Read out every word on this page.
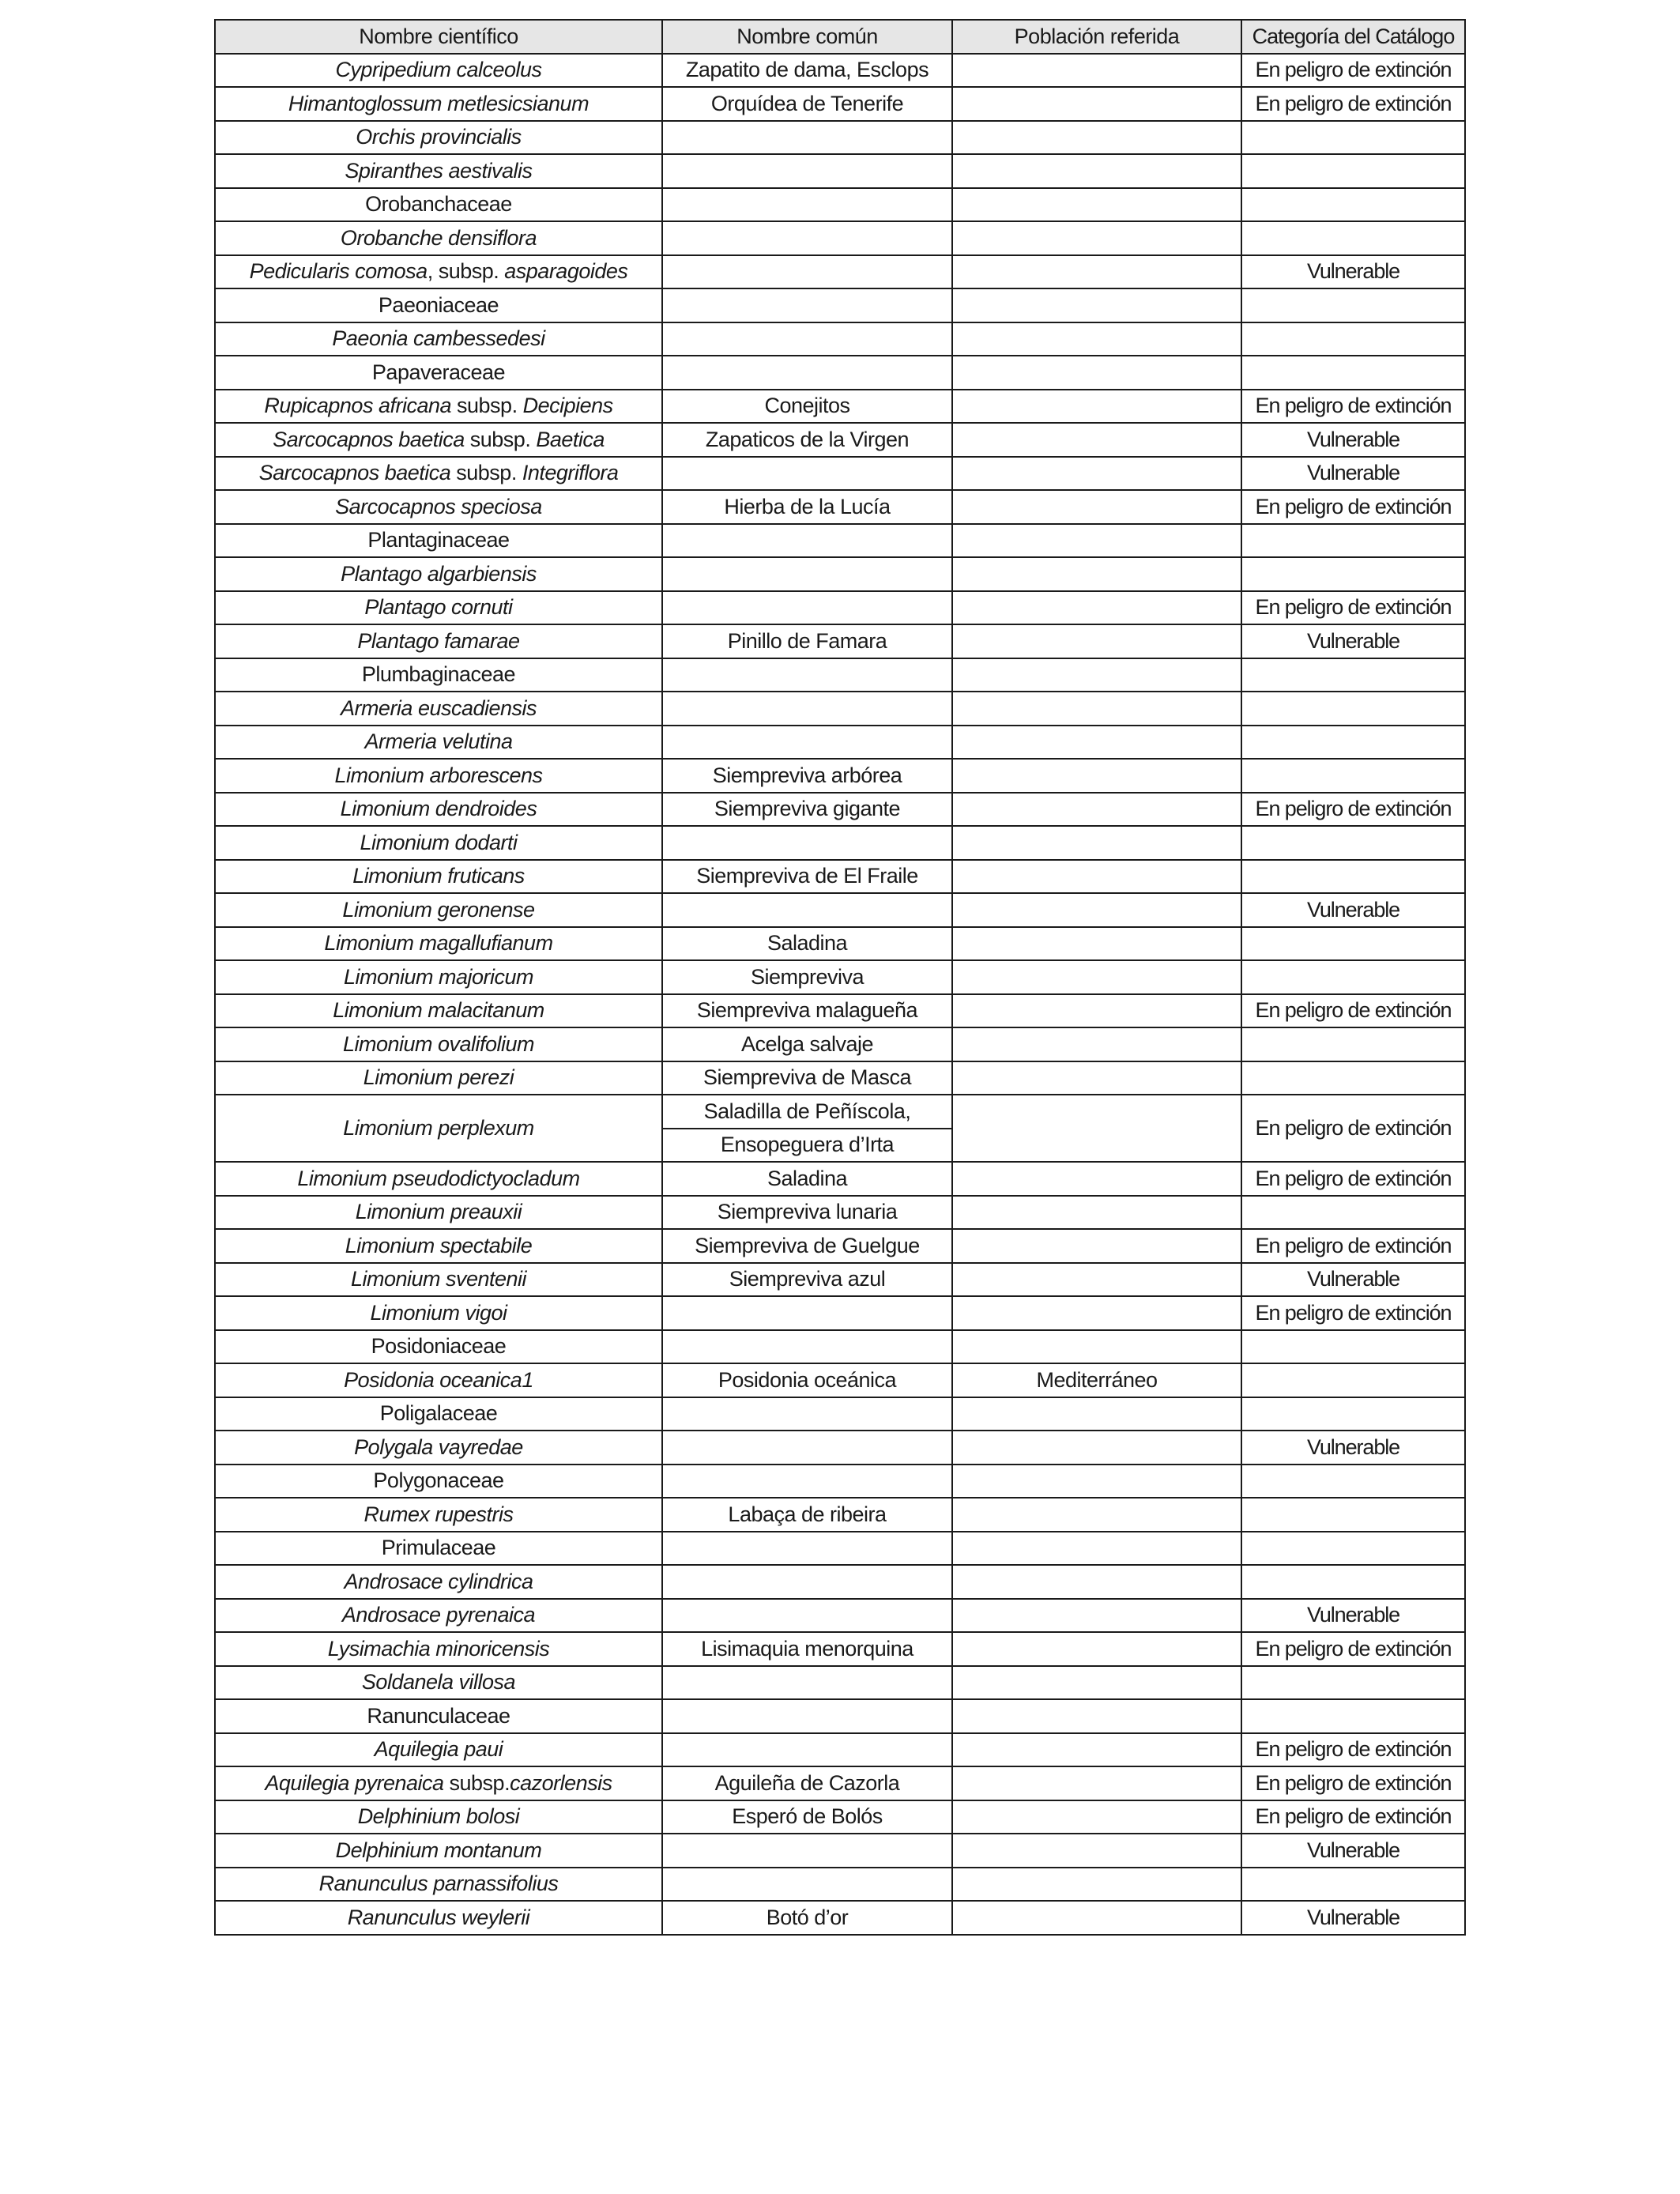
Nombre científico	Nombre común	Población referida	Categoría del Catálogo
Cypripedium calceolus	Zapatito de dama, Esclops		En peligro de extinción
Himantoglossum metlesicsianum	Orquídea de Tenerife		En peligro de extinción
Orchis provincialis			
Spiranthes aestivalis			
Orobanchaceae			
Orobanche densiflora			
Pedicularis comosa, subsp. asparagoides			Vulnerable
Paeoniaceae			
Paeonia cambessedesi			
Papaveraceae			
Rupicapnos africana subsp. Decipiens	Conejitos		En peligro de extinción
Sarcocapnos baetica subsp. Baetica	Zapaticos de la Virgen		Vulnerable
Sarcocapnos baetica subsp. Integriflora			Vulnerable
Sarcocapnos speciosa	Hierba de la Lucía		En peligro de extinción
Plantaginaceae			
Plantago algarbiensis			
Plantago cornuti			En peligro de extinción
Plantago famarae	Pinillo de Famara		Vulnerable
Plumbaginaceae			
Armeria euscadiensis			
Armeria velutina			
Limonium arborescens	Siempreviva arbórea		
Limonium dendroides	Siempreviva gigante		En peligro de extinción
Limonium dodarti			
Limonium fruticans	Siempreviva de El Fraile		
Limonium geronense			Vulnerable
Limonium magallufianum	Saladina		
Limonium majoricum	Siempreviva		
Limonium malacitanum	Siempreviva malagueña		En peligro de extinción
Limonium ovalifolium	Acelga salvaje		
Limonium perezi	Siempreviva de Masca		
Limonium perplexum	Saladilla de Peñíscola,		En peligro de extinción
	Ensopeguera d’Irta		
Limonium pseudodictyocladum	Saladina		En peligro de extinción
Limonium preauxii	Siempreviva lunaria		
Limonium spectabile	Siempreviva de Guelgue		En peligro de extinción
Limonium sventenii	Siempreviva azul		Vulnerable
Limonium vigoi			En peligro de extinción
Posidoniaceae			
Posidonia oceanica1	Posidonia oceánica	Mediterráneo	
Poligalaceae			
Polygala vayredae			Vulnerable
Polygonaceae			
Rumex rupestris	Labaça de ribeira		
Primulaceae			
Androsace cylindrica			
Androsace pyrenaica			Vulnerable
Lysimachia minoricensis	Lisimaquia menorquina		En peligro de extinción
Soldanela villosa			
Ranunculaceae			
Aquilegia paui			En peligro de extinción
Aquilegia pyrenaica subsp.cazorlensis	Aguileña de Cazorla		En peligro de extinción
Delphinium bolosi	Esperó de Bolós		En peligro de extinción
Delphinium montanum			Vulnerable
Ranunculus parnassifolius			
Ranunculus weylerii	Botó d’or		Vulnerable
